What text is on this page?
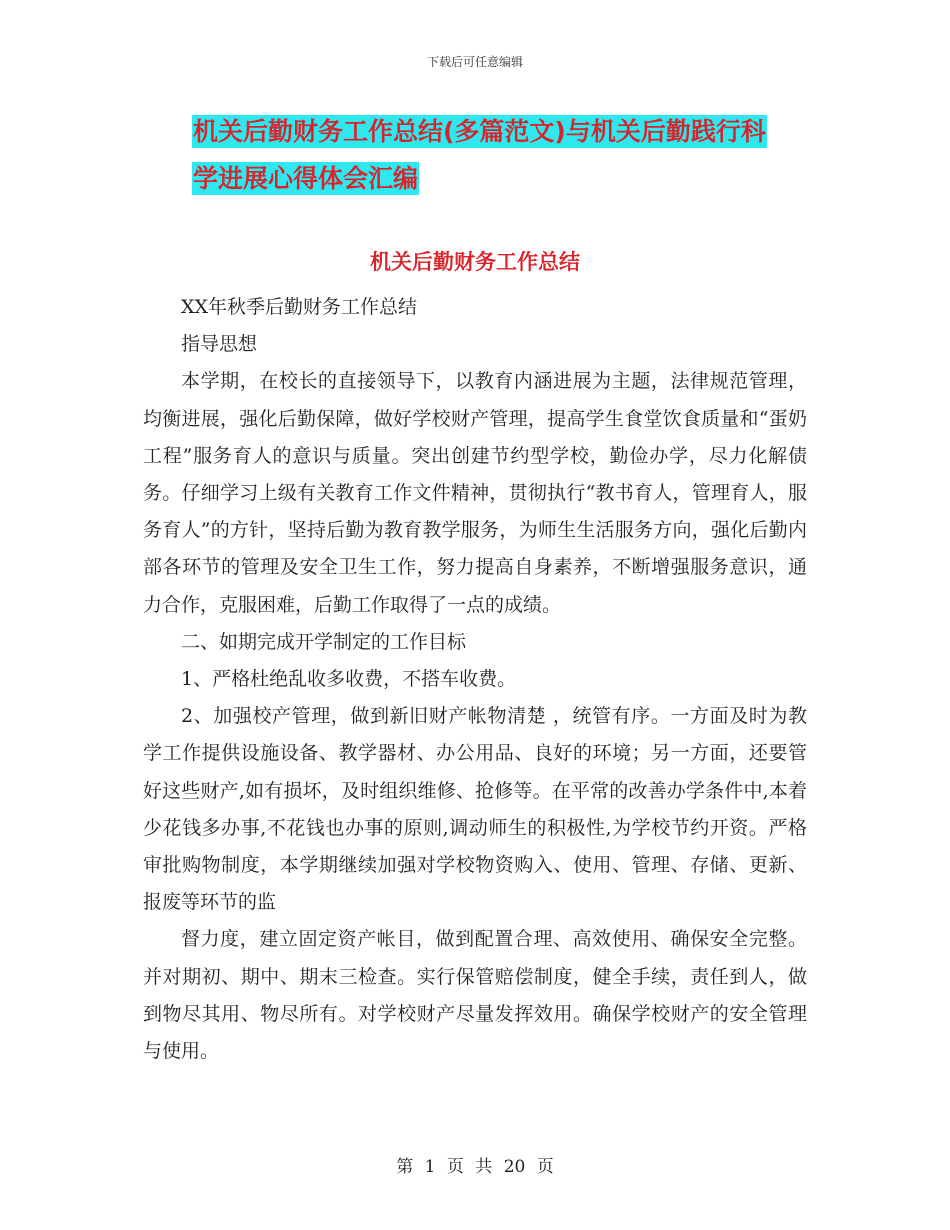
下载后可任意编辑
机关后勤财务工作总结(多篇范文)与机关后勤践行科
学进展心得体会汇编
机关后勤财务工作总结

XX年秋季后勤财务工作总结

指导思想

本学期，在校长的直接领导下，以教育内涵进展为主题，法律规范管理，均衡进展，强化后勤保障，做好学校财产管理，提高学生食堂饮食质量和“蛋奶工程”服务育人的意识与质量。突出创建节约型学校，勤俭办学，尽力化解债务。仔细学习上级有关教育工作文件精神，贯彻执行“教书育人，管理育人，服务育人”的方针，坚持后勤为教育教学服务，为师生生活服务方向，强化后勤内部各环节的管理及安全卫生工作，努力提高自身素养，不断增强服务意识，通力合作，克服困难，后勤工作取得了一点的成绩。

二、如期完成开学制定的工作目标

1、严格杜绝乱收多收费，不搭车收费。

2、加强校产管理，做到新旧财产帐物清楚 ，统管有序。一方面及时为教学工作提供设施设备、教学器材、办公用品、良好的环境；另一方面，还要管好这些财产,如有损坏，及时组织维修、抢修等。在平常的改善办学条件中,本着少花钱多办事,不花钱也办事的原则,调动师生的积极性,为学校节约开资。严格审批购物制度，本学期继续加强对学校物资购入、使用、管理、存储、更新、报废等环节的监

督力度，建立固定资产帐目，做到配置合理、高效使用、确保安全完整。并对期初、期中、期末三检查。实行保管赔偿制度，健全手续，责任到人，做到物尽其用、物尽所有。对学校财产尽量发挥效用。确保学校财产的安全管理与使用。

第 1 页 共 20 页
